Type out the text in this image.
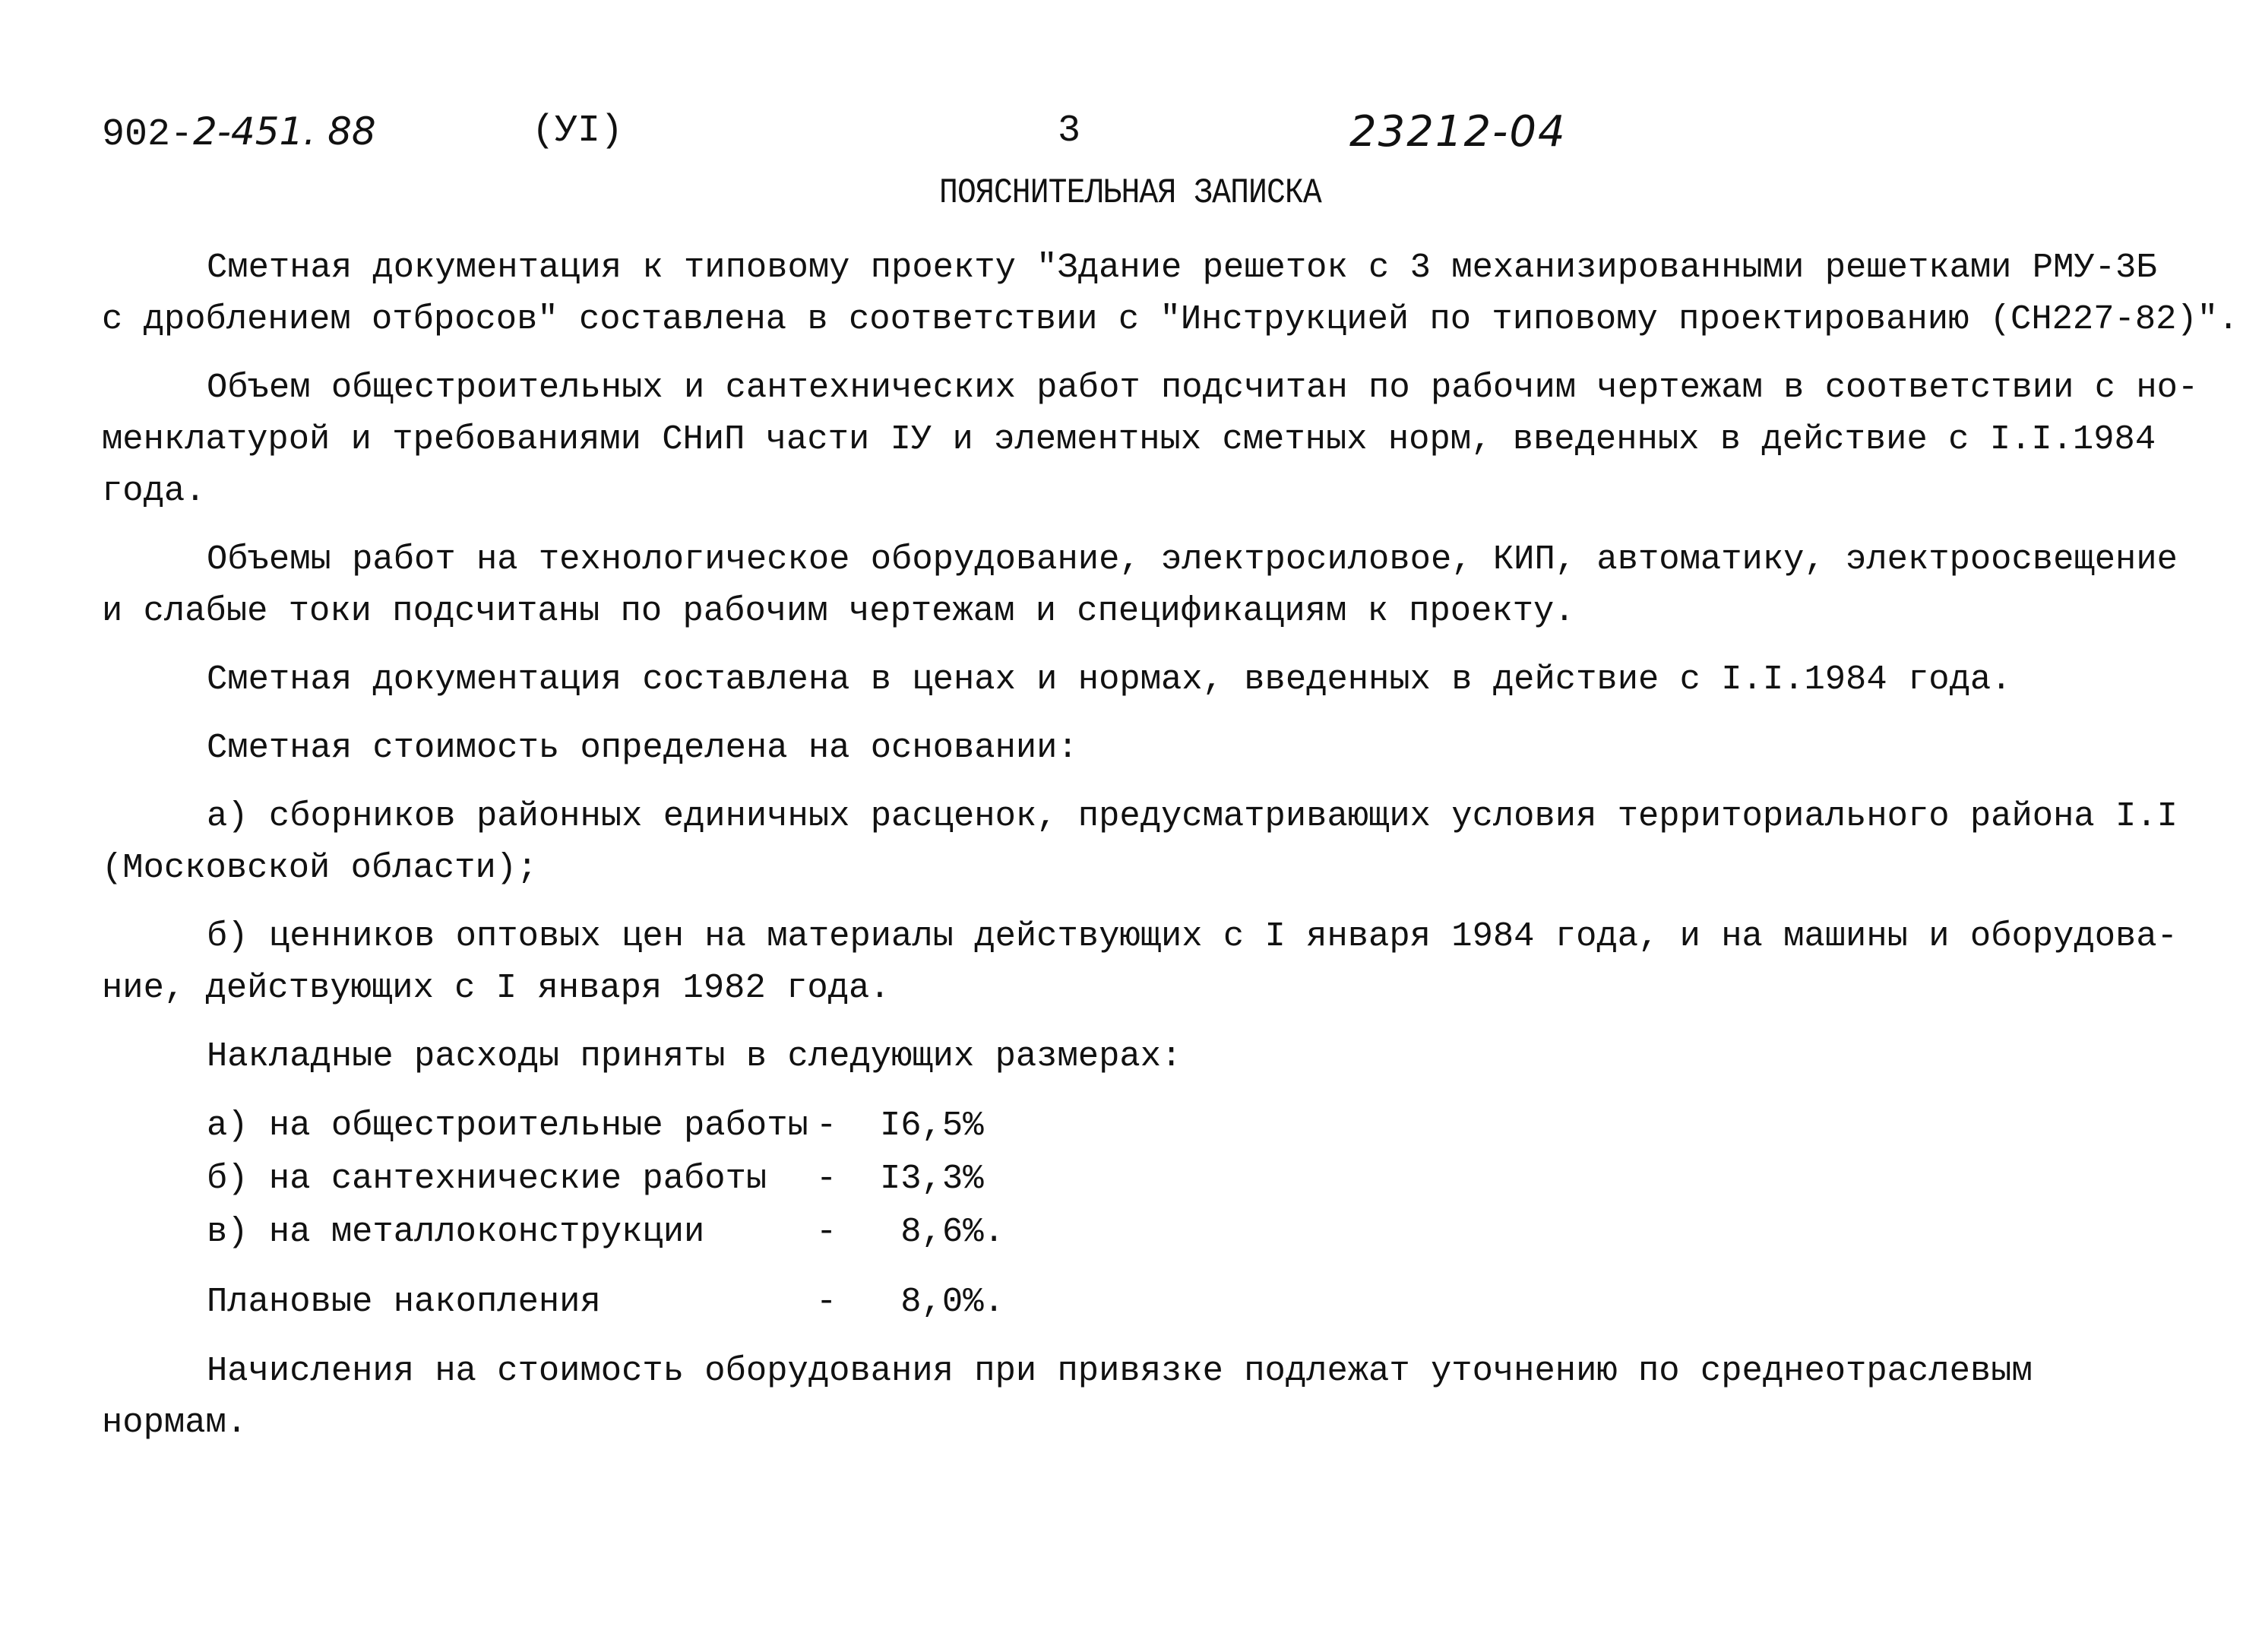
902-2-451. 88	(УI)	3	23212-04
ПОЯСНИТЕЛЬНАЯ ЗАПИСКА
Сметная документация к типовому проекту "Здание решеток с 3 механизированными решетками РМУ-3Б
с дроблением отбросов" составлена в соответствии с "Инструкцией по типовому проектированию (СН227-82)".
Объем общестроительных и сантехнических работ подсчитан по рабочим чертежам в соответствии с но-
менклатурой и требованиями СНиП части IУ и элементных сметных норм, введенных в действие с I.I.1984
года.
Объемы работ на технологическое оборудование, электросиловое, КИП, автоматику, электроосвещение
и слабые токи подсчитаны по рабочим чертежам и спецификациям к проекту.
Сметная документация составлена в ценах и нормах, введенных в действие с I.I.1984 года.
Сметная стоимость определена на основании:
а) сборников районных единичных расценок, предусматривающих условия территориального района I.I
(Московской области);
б) ценников оптовых цен на материалы действующих с I января 1984 года, и на машины и оборудова-
ние, действующих с I января 1982 года.
Накладные расходы приняты в следующих размерах:
а) на общестроительные работы -	I6,5%
б) на сантехнические работы	-	I3,3%
в) на металлоконструкции	-	8,6%.
Плановые накопления	-	8,0%.
Начисления на стоимость оборудования при привязке подлежат уточнению по среднеотраслевым
нормам.
